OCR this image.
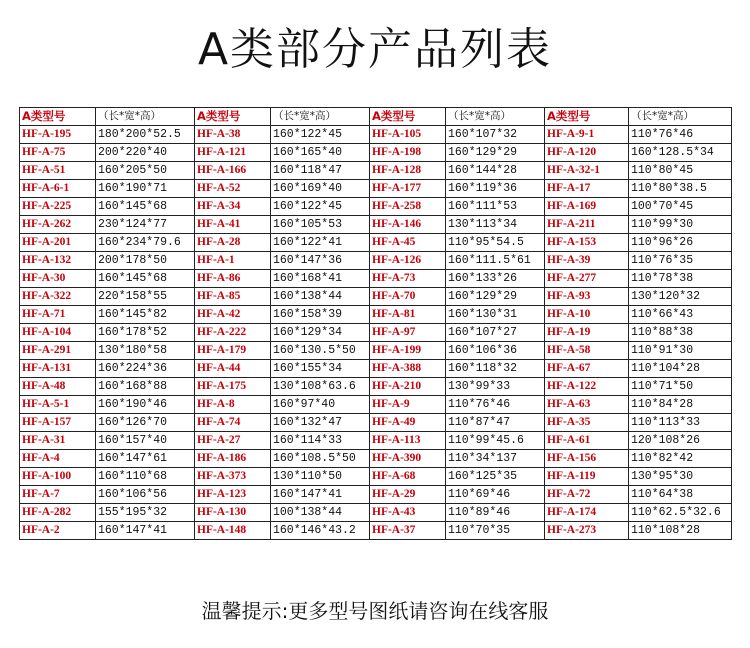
A类部分产品列表
A类型号	（长*宽*高）	A类型号	（长*宽*高）	A类型号	（长*宽*高）	A类型号	（长*宽*高）
HF-A-195	180*200*52.5	HF-A-38	160*122*45	HF-A-105	160*107*32	HF-A-9-1	110*76*46
HF-A-75	200*220*40	HF-A-121	160*165*40	HF-A-198	160*129*29	HF-A-120	160*128.5*34
HF-A-51	160*205*50	HF-A-166	160*118*47	HF-A-128	160*144*28	HF-A-32-1	110*80*45
HF-A-6-1	160*190*71	HF-A-52	160*169*40	HF-A-177	160*119*36	HF-A-17	110*80*38.5
HF-A-225	160*145*68	HF-A-34	160*122*45	HF-A-258	160*111*53	HF-A-169	100*70*45
HF-A-262	230*124*77	HF-A-41	160*105*53	HF-A-146	130*113*34	HF-A-211	110*99*30
HF-A-201	160*234*79.6	HF-A-28	160*122*41	HF-A-45	110*95*54.5	HF-A-153	110*96*26
HF-A-132	200*178*50	HF-A-1	160*147*36	HF-A-126	160*111.5*61	HF-A-39	110*76*35
HF-A-30	160*145*68	HF-A-86	160*168*41	HF-A-73	160*133*26	HF-A-277	110*78*38
HF-A-322	220*158*55	HF-A-85	160*138*44	HF-A-70	160*129*29	HF-A-93	130*120*32
HF-A-71	160*145*82	HF-A-42	160*158*39	HF-A-81	160*130*31	HF-A-10	110*66*43
HF-A-104	160*178*52	HF-A-222	160*129*34	HF-A-97	160*107*27	HF-A-19	110*88*38
HF-A-291	130*180*58	HF-A-179	160*130.5*50	HF-A-199	160*106*36	HF-A-58	110*91*30
HF-A-131	160*224*36	HF-A-44	160*155*34	HF-A-388	160*118*32	HF-A-67	110*104*28
HF-A-48	160*168*88	HF-A-175	130*108*63.6	HF-A-210	130*99*33	HF-A-122	110*71*50
HF-A-5-1	160*190*46	HF-A-8	160*97*40	HF-A-9	110*76*46	HF-A-63	110*84*28
HF-A-157	160*126*70	HF-A-74	160*132*47	HF-A-49	110*87*47	HF-A-35	110*113*33
HF-A-31	160*157*40	HF-A-27	160*114*33	HF-A-113	110*99*45.6	HF-A-61	120*108*26
HF-A-4	160*147*61	HF-A-186	160*108.5*50	HF-A-390	110*34*137	HF-A-156	110*82*42
HF-A-100	160*110*68	HF-A-373	130*110*50	HF-A-68	160*125*35	HF-A-119	130*95*30
HF-A-7	160*106*56	HF-A-123	160*147*41	HF-A-29	110*69*46	HF-A-72	110*64*38
HF-A-282	155*195*32	HF-A-130	100*138*44	HF-A-43	110*89*46	HF-A-174	110*62.5*32.6
HF-A-2	160*147*41	HF-A-148	160*146*43.2	HF-A-37	110*70*35	HF-A-273	110*108*28
温馨提示:更多型号图纸请咨询在线客服
